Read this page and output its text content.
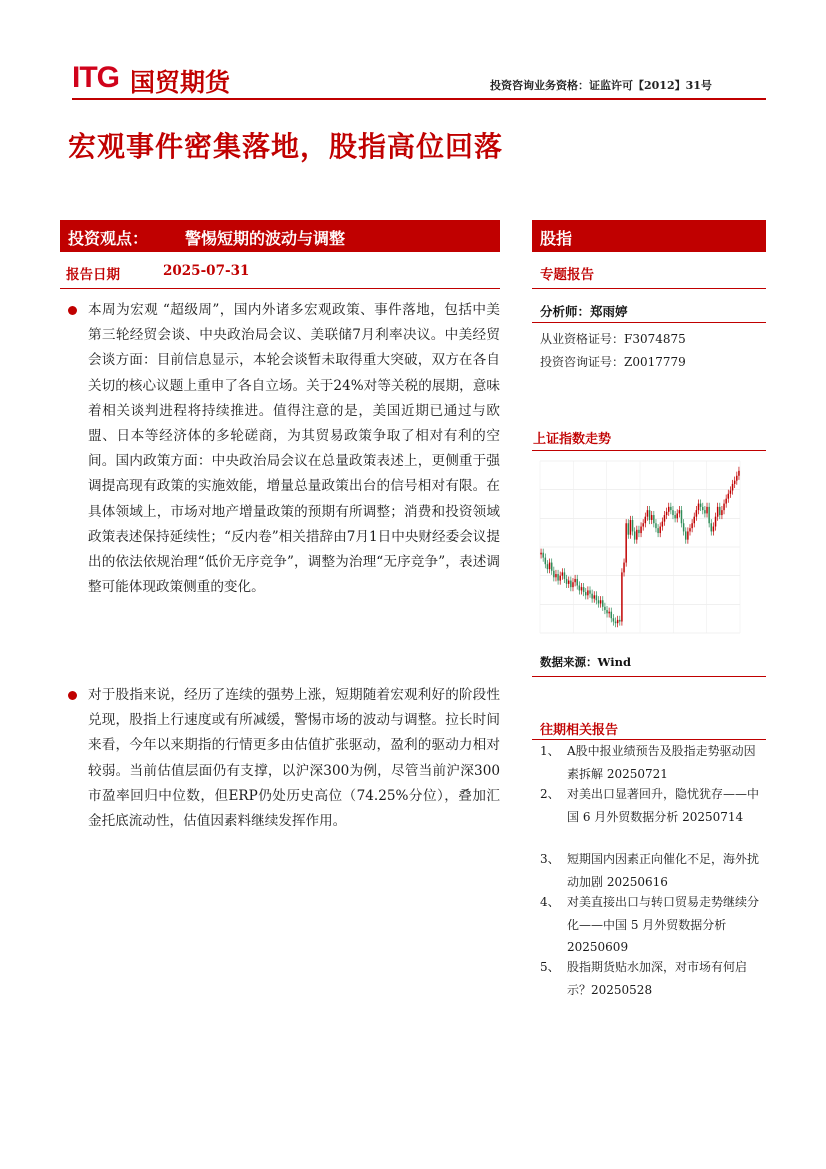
ITG 国贸期货	投资咨询业务资格：证监许可【2012】31号
宏观事件密集落地，股指高位回落
投资观点： 警惕短期的波动与调整
报告日期	2025-07-31
本周为宏观 “超级周”，国内外诸多宏观政策、事件落地，包括中美第三轮经贸会谈、中央政治局会议、美联储7月利率决议。中美经贸会谈方面：目前信息显示，本轮会谈暂未取得重大突破，双方在各自关切的核心议题上重申了各自立场。关于24%对等关税的展期，意味着相关谈判进程将持续推进。值得注意的是，美国近期已通过与欧盟、日本等经济体的多轮磋商，为其贸易政策争取了相对有利的空间。国内政策方面：中央政治局会议在总量政策表述上，更侧重于强调提高现有政策的实施效能，增量总量政策出台的信号相对有限。在具体领域上，市场对地产增量政策的预期有所调整；消费和投资领域政策表述保持延续性；“反内卷”相关措辞由7月1日中央财经委会议提出的依法依规治理“低价无序竞争”，调整为治理“无序竞争”，表述调整可能体现政策侧重的变化。
对于股指来说，经历了连续的强势上涨，短期随着宏观利好的阶段性兑现，股指上行速度或有所减缓，警惕市场的波动与调整。拉长时间来看，今年以来期指的行情更多由估值扩张驱动，盈利的驱动力相对较弱。当前估值层面仍有支撑，以沪深300为例，尽管当前沪深300市盈率回归中位数，但ERP仍处历史高位（74.25%分位），叠加汇金托底流动性，估值因素料继续发挥作用。
股指
专题报告
分析师：郑雨婷
从业资格证号：F3074875
投资咨询证号：Z0017779
上证指数走势
数据来源：Wind
往期相关报告
1、 A股中报业绩预告及股指走势驱动因素拆解 20250721
2、 对美出口显著回升，隐忧犹存——中国 6 月外贸数据分析 20250714
3、 短期国内因素正向催化不足，海外扰动加剧 20250616
4、 对美直接出口与转口贸易走势继续分化——中国 5 月外贸数据分析 20250609
5、 股指期货贴水加深，对市场有何启示？20250528
